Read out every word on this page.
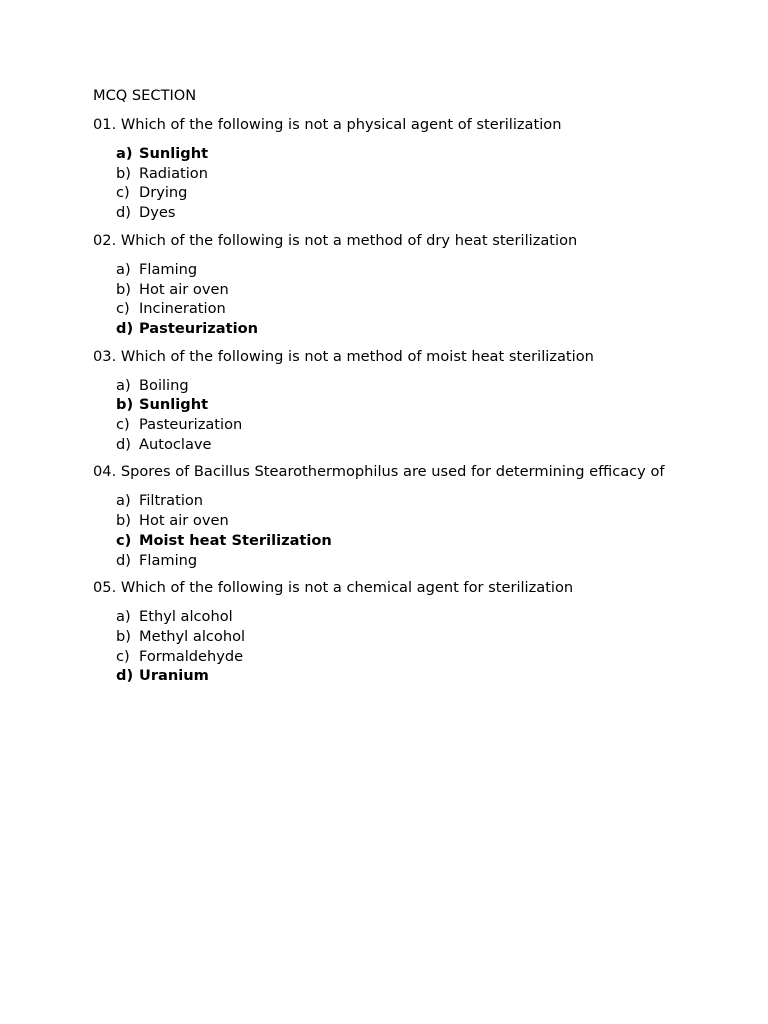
MCQ SECTION
01. Which of the following is not a physical agent of sterilization
a) Sunlight
b) Radiation
c) Drying
d) Dyes
02. Which of the following is not a method of dry heat sterilization
a) Flaming
b) Hot air oven
c) Incineration
d) Pasteurization
03. Which of the following is not a method of moist heat sterilization
a) Boiling
b) Sunlight
c) Pasteurization
d) Autoclave
04. Spores of Bacillus Stearothermophilus are used for determining efficacy of
a) Filtration
b) Hot air oven
c) Moist heat Sterilization
d) Flaming
05. Which of the following is not a chemical agent for sterilization
a) Ethyl alcohol
b) Methyl alcohol
c) Formaldehyde
d) Uranium
